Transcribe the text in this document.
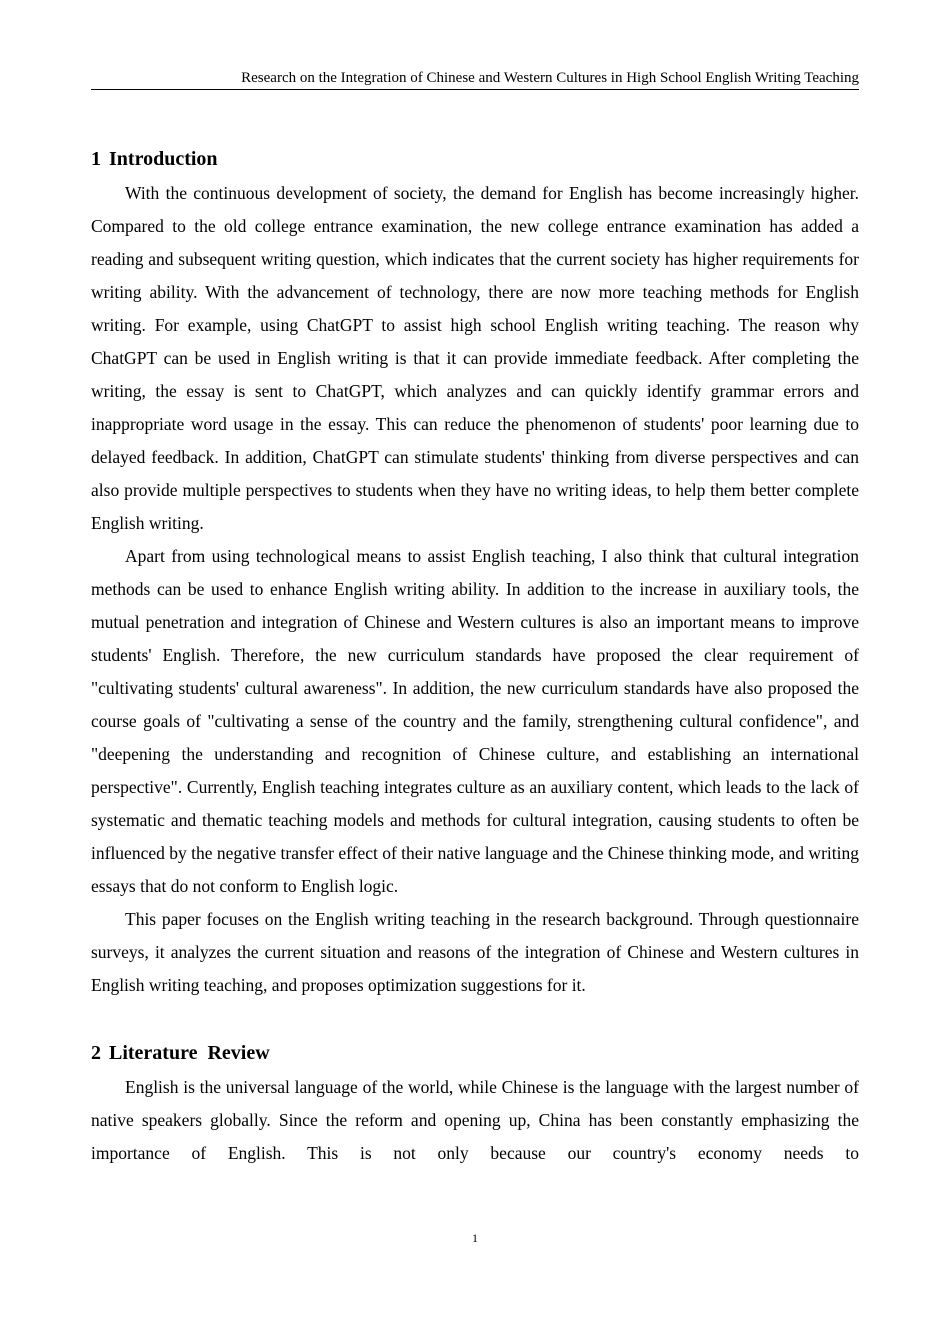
Research on the Integration of Chinese and Western Cultures in High School English Writing Teaching
1 Introduction

With the continuous development of society, the demand for English has become increasingly higher. Compared to the old college entrance examination, the new college entrance examination has added a reading and subsequent writing question, which indicates that the current society has higher requirements for writing ability. With the advancement of technology, there are now more teaching methods for English writing. For example, using ChatGPT to assist high school English writing teaching. The reason why ChatGPT can be used in English writing is that it can provide immediate feedback. After completing the writing, the essay is sent to ChatGPT, which analyzes and can quickly identify grammar errors and inappropriate word usage in the essay. This can reduce the phenomenon of students' poor learning due to delayed feedback. In addition, ChatGPT can stimulate students' thinking from diverse perspectives and can also provide multiple perspectives to students when they have no writing ideas, to help them better complete English writing.

Apart from using technological means to assist English teaching, I also think that cultural integration methods can be used to enhance English writing ability. In addition to the increase in auxiliary tools, the mutual penetration and integration of Chinese and Western cultures is also an important means to improve students' English. Therefore, the new curriculum standards have proposed the clear requirement of "cultivating students' cultural awareness". In addition, the new curriculum standards have also proposed the course goals of "cultivating a sense of the country and the family, strengthening cultural confidence", and "deepening the understanding and recognition of Chinese culture, and establishing an international perspective". Currently, English teaching integrates culture as an auxiliary content, which leads to the lack of systematic and thematic teaching models and methods for cultural integration, causing students to often be influenced by the negative transfer effect of their native language and the Chinese thinking mode, and writing essays that do not conform to English logic.

This paper focuses on the English writing teaching in the research background. Through questionnaire surveys, it analyzes the current situation and reasons of the integration of Chinese and Western cultures in English writing teaching, and proposes optimization suggestions for it.

2 Literature  Review

English is the universal language of the world, while Chinese is the language with the largest number of native speakers globally. Since the reform and opening up, China has been constantly emphasizing the importance of English. This is not only because our country's economy needs to

1
